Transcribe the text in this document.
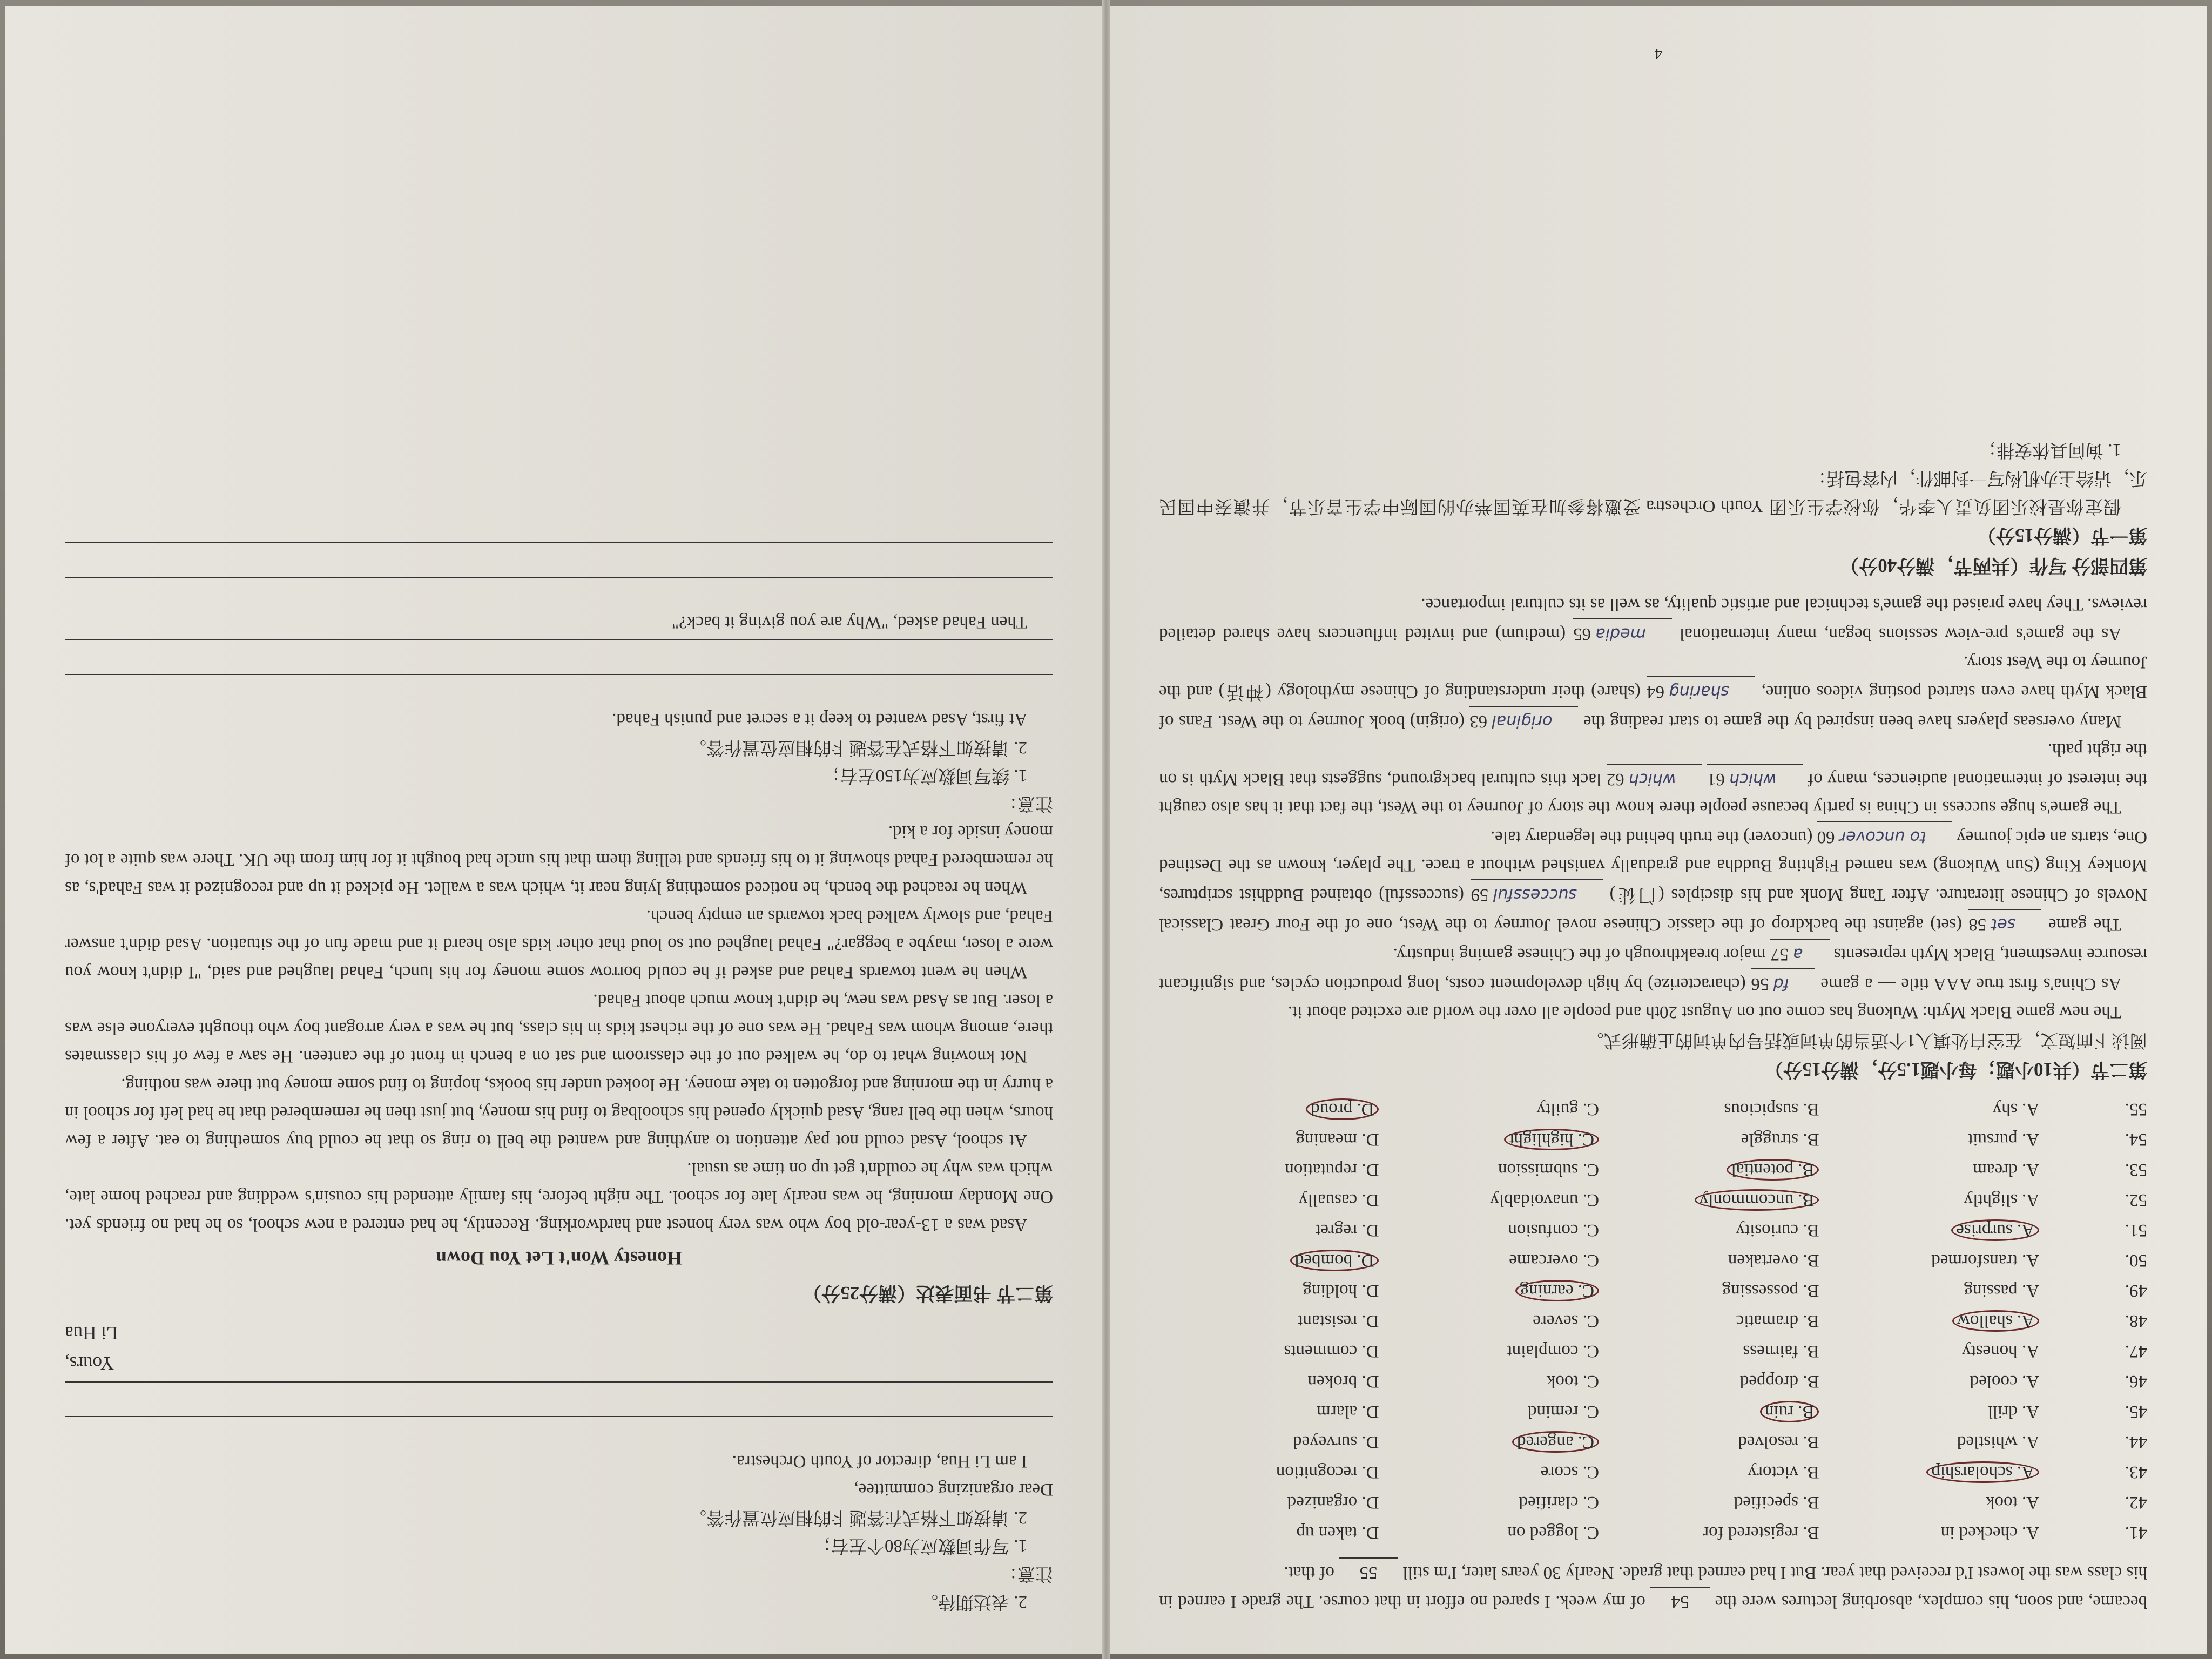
became, and soon, his complex, absorbing lectures were the 54 of my week. I spared no effort in that course. The grade I earned in his class was the lowest I'd received that year. But I had earned that grade. Nearly 30 years later, I'm still 55 of that.

41.
A. checked in
B. registered for
C. logged on
D. taken up
42.
A. took
B. specified
C. clarified
D. organized
43.
A. scholarship
B. victory
C. score
D. recognition
44.
A. whistled
B. resolved
C. angered
D. surveyed
45.
A. drill
B. ruin
C. remind
D. alarm
46.
A. cooled
B. dropped
C. took
D. broken
47.
A. honesty
B. fairness
C. complaint
D. comments
48.
A. shallow
B. dramatic
C. severe
D. resistant
49.
A. passing
B. possessing
C. earning
D. holding
50.
A. transformed
B. overtaken
C. overcame
D. bombed
51.
A. surprise
B. curiosity
C. confusion
D. regret
52.
A. slightly
B. uncommonly
C. unavoidably
D. casually
53.
A. dream
B. potential
C. submission
D. reputation
54.
A. pursuit
B. struggle
C. highlight
D. meaning
55.
A. shy
B. suspicious
C. guilty
D. proud

第二节（共10小题；每小题1.5分，满分15分）

阅读下面短文，在空白处填入1个适当的单词或括号内单词的正确形式。

The new game Black Myth: Wukong has come out on August 20th and people all over the world are excited about it.

As China's first true AAA title — a game fd 56 (characterize) by high development costs, long production cycles, and significant resource investment, Black Myth represents a 57 major breakthrough of the Chinese gaming industry.

The game set 58 (set) against the backdrop of the classic Chinese novel Journey to the West, one of the Four Great Classical Novels of Chinese literature. After Tang Monk and his disciples (门徒) successful 59 (successful) obtained Buddhist scriptures, Monkey King (Sun Wukong) was named Fighting Buddha and gradually vanished without a trace. The player, known as the Destined One, starts an epic journey to uncover 60 (uncover) the truth behind the legendary tale.

The game's huge success in China is partly because people there know the story of Journey to the West, the fact that it has also caught the interest of international audiences, many of which 61 which 62 lack this cultural background, suggests that Black Myth is on the right path.

Many overseas players have been inspired by the game to start reading the original 63 (origin) book Journey to the West. Fans of Black Myth have even started posting videos online, sharing 64 (share) their understanding of Chinese mythology (神话) and the Journey to the West story.

As the game's pre-view sessions began, many international media 65 (medium) and invited influencers have shared detailed reviews. They have praised the game's technical and artistic quality, as well as its cultural importance.

第四部分 写作（共两节，满分40分）

第一节（满分15分）

假定你是校乐团负责人李华，你校学生乐团 Youth Orchestra 受邀将参加在英国举办的国际中学生音乐节，并演奏中国民乐，请给主办机构写一封邮件，内容包括：

1. 询问具体安排；

4

2. 表达期待。

注意：

1. 写作词数应为80个左右；

2. 请按如下格式在答题卡的相应位置作答。

Dear organizing committee,

I am Li Hua, director of Youth Orchestra.

Yours,

Li Hua

第二节 书面表达（满分25分）

Honesty Won't Let You Down

Asad was a 13-year-old boy who was very honest and hardworking. Recently, he had entered a new school, so he had no friends yet. One Monday morning, he was nearly late for school. The night before, his family attended his cousin's wedding and reached home late, which was why he couldn't get up on time as usual.

At school, Asad could not pay attention to anything and wanted the bell to ring so that he could buy something to eat. After a few hours, when the bell rang, Asad quickly opened his schoolbag to find his money, but just then he remembered that he had left for school in a hurry in the morning and forgotten to take money. He looked under his books, hoping to find some money but there was nothing.

Not knowing what to do, he walked out of the classroom and sat on a bench in front of the canteen. He saw a few of his classmates there, among whom was Fahad. He was one of the richest kids in his class, but he was a very arrogant boy who thought everyone else was a loser. But as Asad was new, he didn't know much about Fahad.

When he went towards Fahad and asked if he could borrow some money for his lunch, Fahad laughed and said, "I didn't know you were a loser, maybe a beggar?" Fahad laughed out so loud that other kids also heard it and made fun of the situation. Asad didn't answer Fahad, and slowly walked back towards an empty bench.

When he reached the bench, he noticed something lying near it, which was a wallet. He picked it up and recognized it was Fahad's, as he remembered Fahad showing it to his friends and telling them that his uncle had bought it for him from the UK. There was quite a lot of money inside for a kid.

注意：

1. 续写词数应为150左右；

2. 请按如下格式在答题卡的相应位置作答。

At first, Asad wanted to keep it a secret and punish Fahad.

Then Fahad asked, "Why are you giving it back?"
